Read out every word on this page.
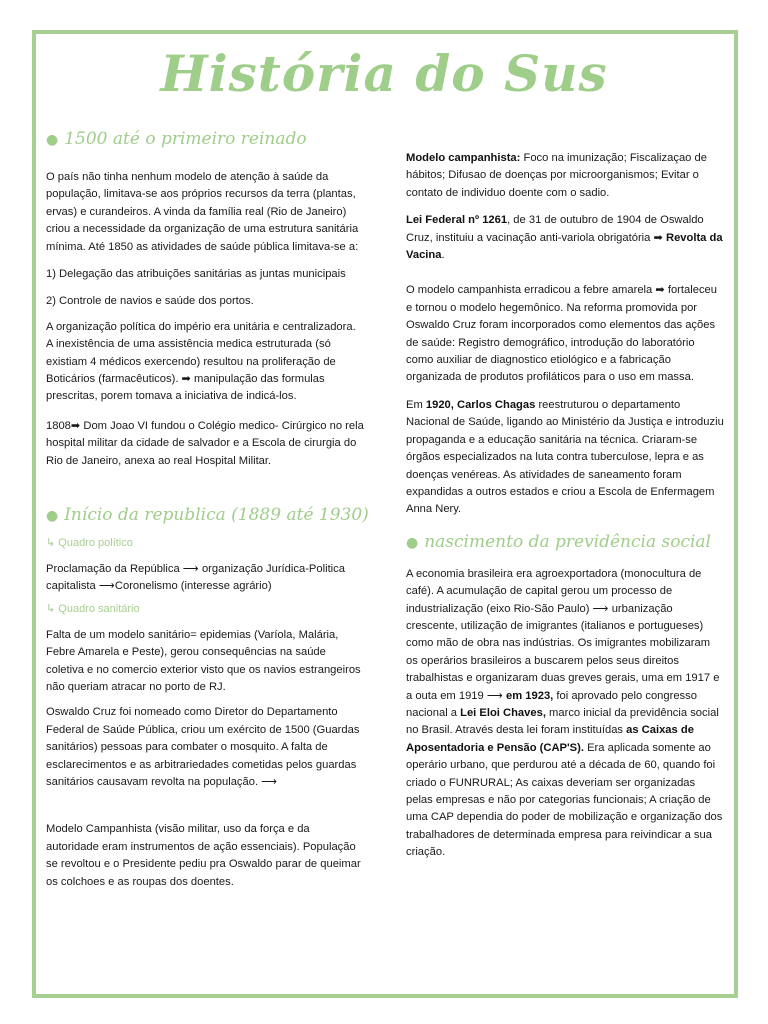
História do Sus
● 1500 até o primeiro reinado

O país não tinha nenhum modelo de atenção à saúde da população, limitava-se aos próprios recursos da terra (plantas, ervas) e curandeiros. A vinda da família real (Rio de Janeiro) criou a necessidade da organização de uma estrutura sanitária mínima. Até 1850 as atividades de saúde pública limitava-se a:

1) Delegação das atribuições sanitárias as juntas municipais

2) Controle de navios e saúde dos portos.

A organização política do império era unitária e centralizadora. A inexistência de uma assistência medica estruturada (só existiam 4 médicos exercendo) resultou na proliferação de Boticários (farmacêuticos). ➡ manipulação das formulas prescritas, porem tomava a iniciativa de indicá-los.

1808➡ Dom Joao VI fundou o Colégio medico- Cirúrgico no rela hospital militar da cidade de salvador e a Escola de cirurgia do Rio de Janeiro, anexa ao real Hospital Militar.

● Início da republica (1889 até 1930)

↳ Quadro político

Proclamação da República ⟶ organização Jurídica-Politica capitalista ⟶Coronelismo (interesse agrário)

↳ Quadro sanitário

Falta de um modelo sanitário= epidemias (Varíola, Malária, Febre Amarela e Peste), gerou consequências na saúde coletiva e no comercio exterior visto que os navios estrangeiros não queriam atracar no porto de RJ.

Oswaldo Cruz foi nomeado como Diretor do Departamento Federal de Saúde Pública, criou um exército de 1500 (Guardas sanitários) pessoas para combater o mosquito. A falta de esclarecimentos e as arbitrariedades cometidas pelos guardas sanitários causavam revolta na população. ⟶

Modelo Campanhista (visão militar, uso da força e da autoridade eram instrumentos de ação essenciais). População se revoltou e o Presidente pediu pra Oswaldo parar de queimar os colchoes e as roupas dos doentes.

Modelo campanhista: Foco na imunização; Fiscalizaçao de hábitos; Difusao de doenças por microorganismos; Evitar o contato de individuo doente com o sadio.

Lei Federal nº 1261, de 31 de outubro de 1904 de Oswaldo Cruz, instituiu a vacinação anti-variola obrigatória ➡ Revolta da Vacina.

O modelo campanhista erradicou a febre amarela ➡ fortaleceu e tornou o modelo hegemônico. Na reforma promovida por Oswaldo Cruz foram incorporados como elementos das ações de saúde: Registro demográfico, introdução do laboratório como auxiliar de diagnostico etiológico e a fabricação organizada de produtos profiláticos para o uso em massa.

Em 1920, Carlos Chagas reestruturou o departamento Nacional de Saúde, ligando ao Ministério da Justiça e introduziu propaganda e a educação sanitária na técnica. Criaram-se órgãos especializados na luta contra tuberculose, lepra e as doenças venéreas. As atividades de saneamento foram expandidas a outros estados e criou a Escola de Enfermagem Anna Nery.

● nascimento da previdência social

A economia brasileira era agroexportadora (monocultura de café). A acumulação de capital gerou um processo de industrialização (eixo Rio-São Paulo) ⟶ urbanização crescente, utilização de imigrantes (italianos e portugueses) como mão de obra nas indústrias. Os imigrantes mobilizaram os operários brasileiros a buscarem pelos seus direitos trabalhistas e organizaram duas greves gerais, uma em 1917 e a outa em 1919 ⟶ em 1923, foi aprovado pelo congresso nacional a Lei Eloi Chaves, marco inicial da previdência social no Brasil. Através desta lei foram instituídas as Caixas de Aposentadoria e Pensão (CAP'S). Era aplicada somente ao operário urbano, que perdurou até a década de 60, quando foi criado o FUNRURAL; As caixas deveriam ser organizadas pelas empresas e não por categorias funcionais; A criação de uma CAP dependia do poder de mobilização e organização dos trabalhadores de determinada empresa para reivindicar a sua criação.
